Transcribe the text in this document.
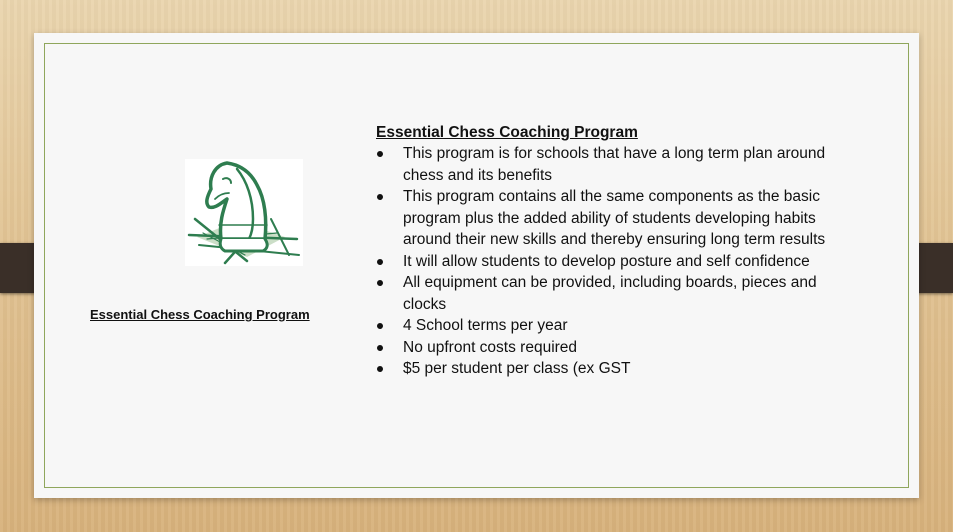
Essential Chess Coaching Program
Essential Chess Coaching Program
This program is for schools that have a long term plan around chess and its benefits
This program contains all the same components as the basic program plus the added ability of students developing habits around their new skills and thereby ensuring long term results
It will allow students to develop posture and self confidence
All equipment can be provided, including boards, pieces and clocks
4 School terms per year
No upfront costs required
$5 per student per class (ex GST
